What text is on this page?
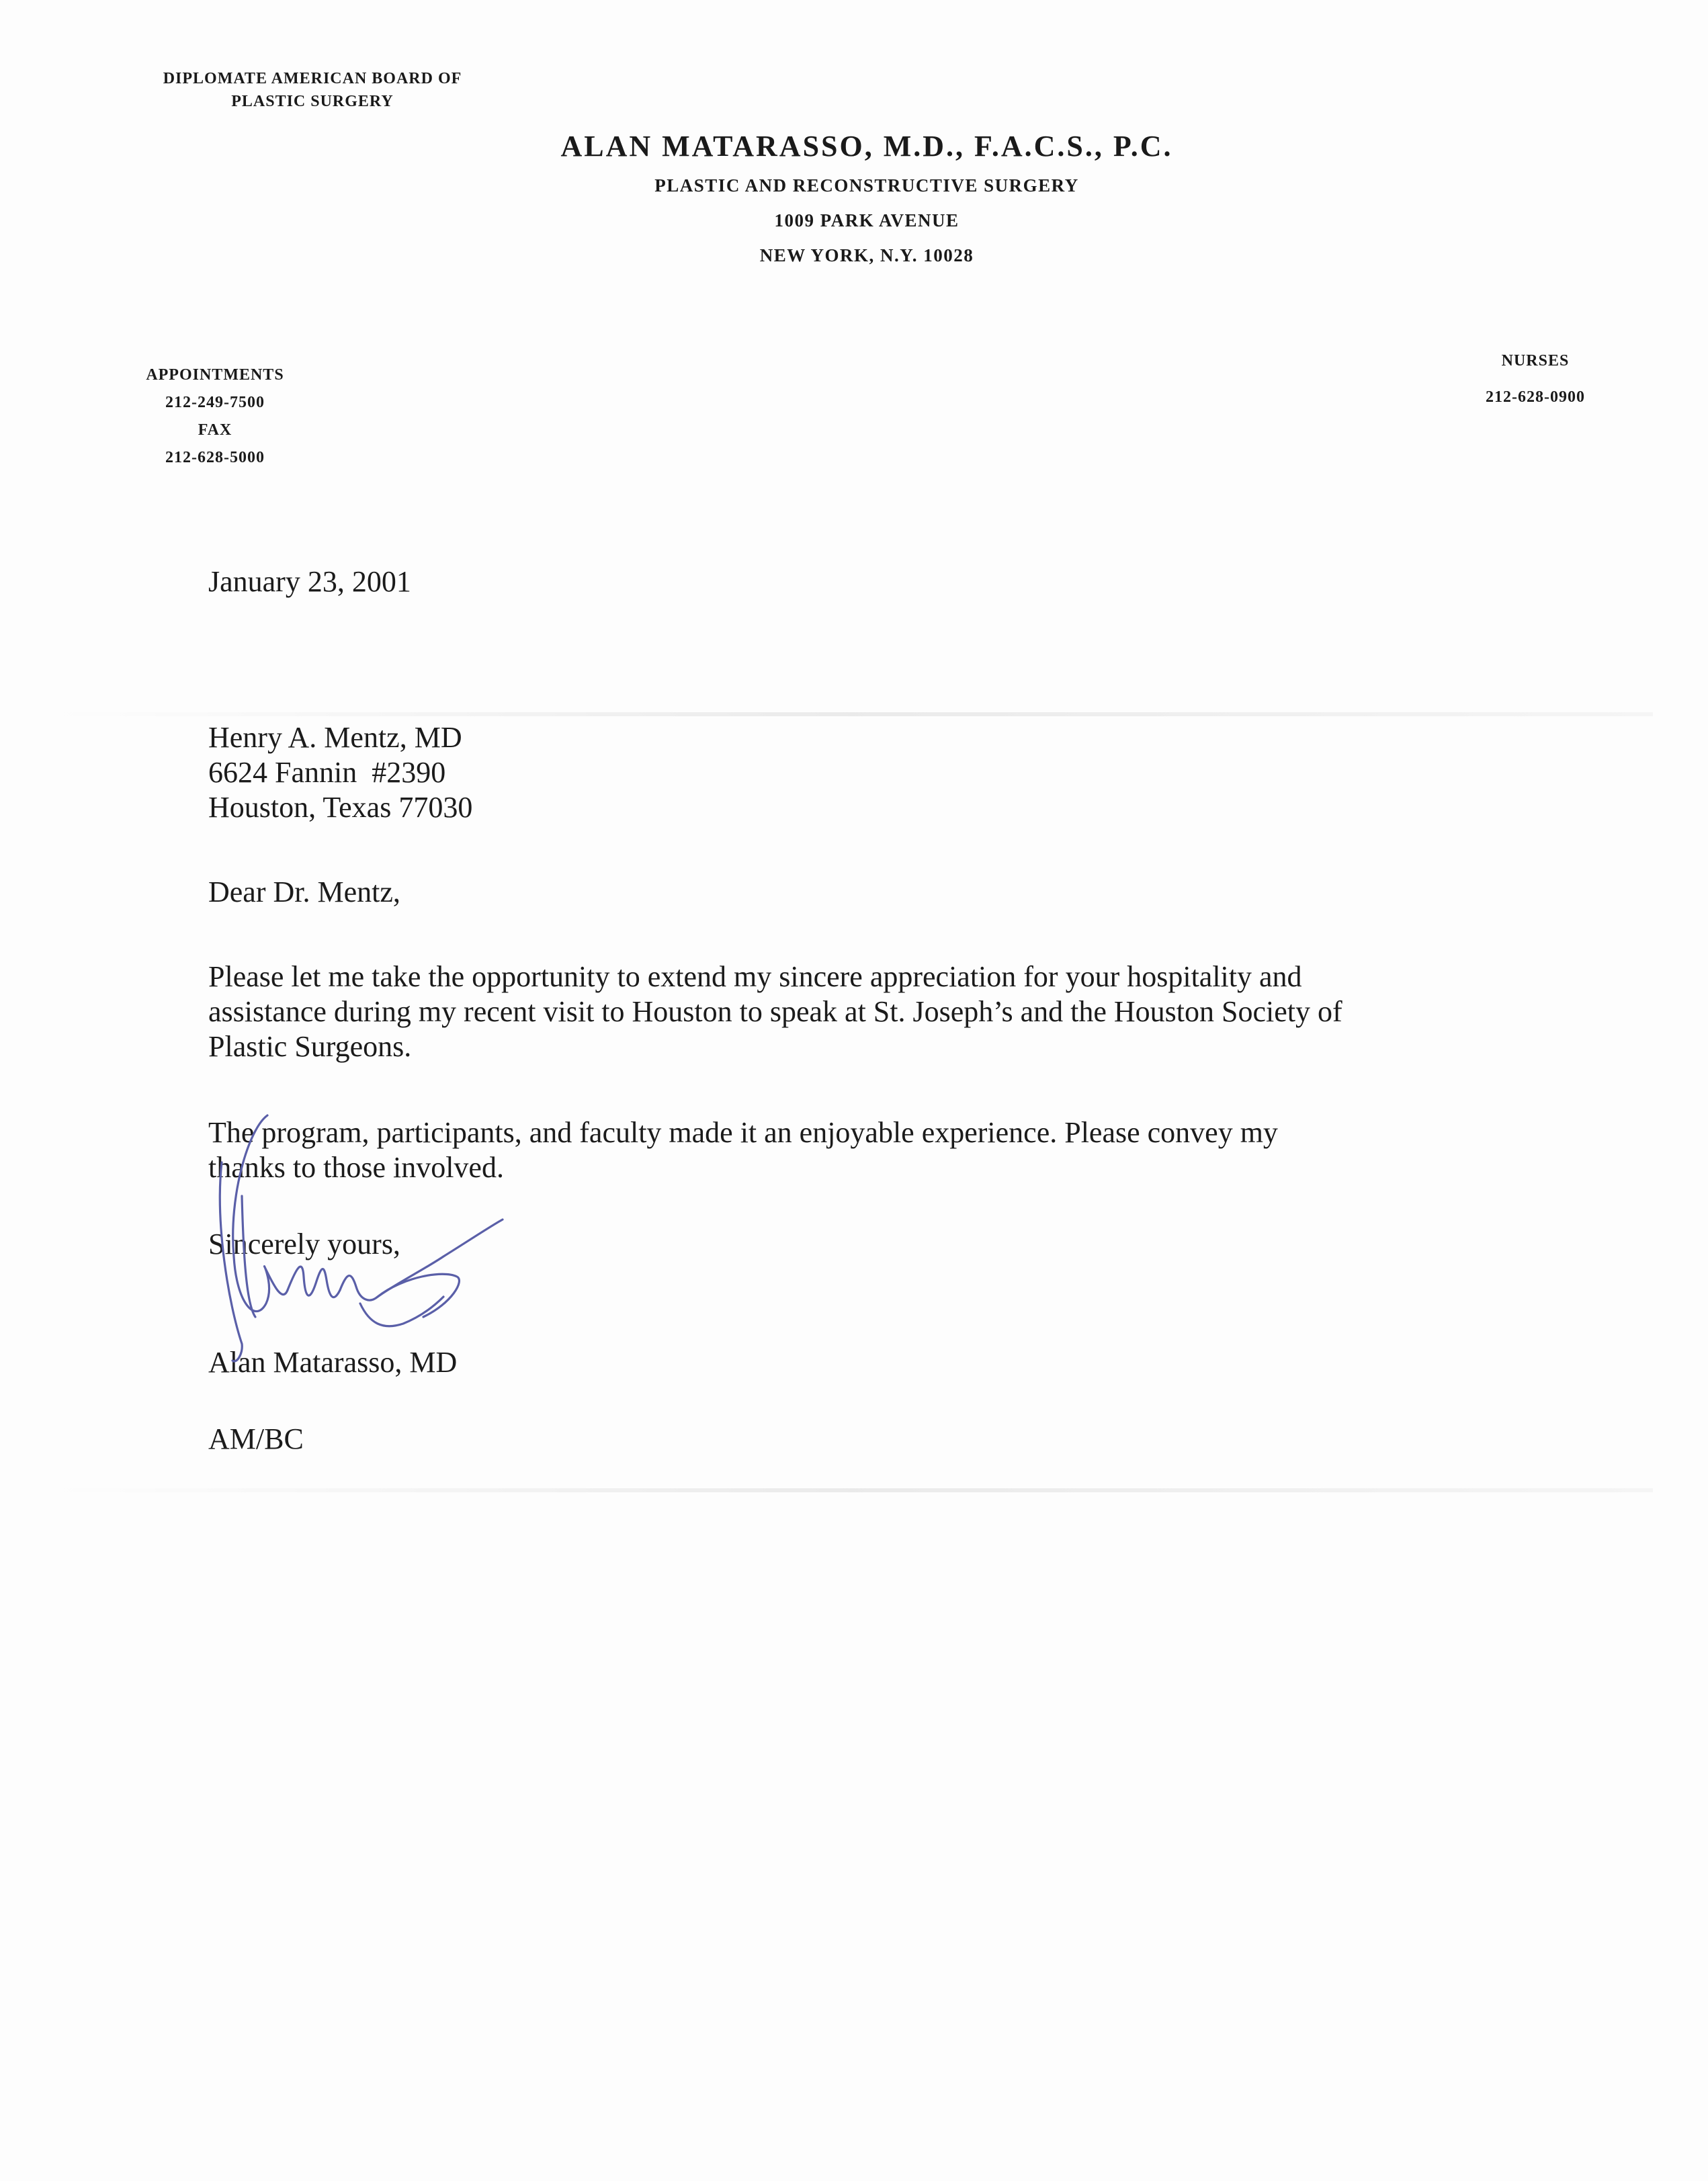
DIPLOMATE AMERICAN BOARD OF
PLASTIC SURGERY
ALAN MATARASSO, M.D., F.A.C.S., P.C.
PLASTIC AND RECONSTRUCTIVE SURGERY
1009 PARK AVENUE
NEW YORK, N.Y. 10028
APPOINTMENTS
212-249-7500
FAX
212-628-5000
NURSES
212-628-0900
January 23, 2001
Henry A. Mentz, MD
6624 Fannin  #2390
Houston, Texas 77030
Dear Dr. Mentz,
Please let me take the opportunity to extend my sincere appreciation for your hospitality and
assistance during my recent visit to Houston to speak at St. Joseph’s and the Houston Society of
Plastic Surgeons.
The program, participants, and faculty made it an enjoyable experience. Please convey my
thanks to those involved.
Sincerely yours,
Alan Matarasso, MD
AM/BC
